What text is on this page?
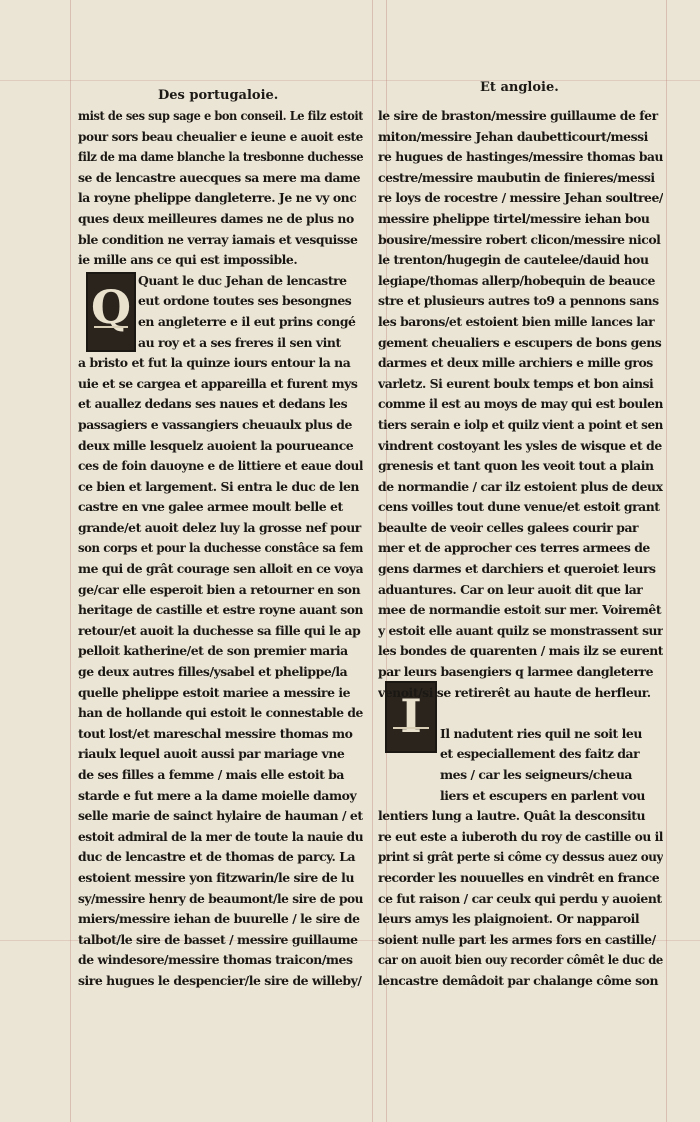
Des portugaloie.
Et angloie.
Q
I
mist de ses sup sage e bon conseil. Le filz estoit
pour sors beau cheualier e ieune e auoit este
filz de ma dame blanche la tresbonne duchesse
se de lencastre auecques sa mere ma dame
la royne phelippe dangleterre. Je ne vy onc
ques deux meilleures dames ne de plus no
ble condition ne verray iamais et vesquisse
ie mille ans ce qui est impossible.
Quant le duc Jehan de lencastre
eut ordone toutes ses besongnes
en angleterre e il eut prins congé
au roy et a ses freres il sen vint
a bristo et fut la quinze iours entour la na
uie et se cargea et appareilla et furent mys
et auallez dedans ses naues et dedans les
passagiers e vassangiers cheuaulx plus de
deux mille lesquelz auoient la pourueance
ces de foin dauoyne e de littiere et eaue doul
ce bien et largement. Si entra le duc de len
castre en vne galee armee moult belle et
grande/et auoit delez luy la grosse nef pour
son corps et pour la duchesse constâce sa fem
me qui de grât courage sen alloit en ce voya
ge/car elle esperoit bien a retourner en son
heritage de castille et estre royne auant son
retour/et auoit la duchesse sa fille qui le ap
pelloit katherine/et de son premier maria
ge deux autres filles/ysabel et phelippe/la
quelle phelippe estoit mariee a messire ie
han de hollande qui estoit le connestable de
tout lost/et mareschal messire thomas mo
riaulx lequel auoit aussi par mariage vne
de ses filles a femme / mais elle estoit ba
starde e fut mere a la dame moielle damoy
selle marie de sainct hylaire de hauman / et
estoit admiral de la mer de toute la nauie du
duc de lencastre et de thomas de parcy. La
estoient messire yon fitzwarin/le sire de lu
sy/messire henry de beaumont/le sire de pou
miers/messire iehan de buurelle / le sire de
talbot/le sire de basset / messire guillaume
de windesore/messire thomas traicon/mes
sire hugues le despencier/le sire de willeby/
le sire de braston/messire guillaume de fer
miton/messire Jehan daubetticourt/messi
re hugues de hastinges/messire thomas bau
cestre/messire maubutin de finieres/messi
re loys de rocestre / messire Jehan soultree/
messire phelippe tirtel/messire iehan bou
bousire/messire robert clicon/messire nicol
le trenton/hugegin de cautelee/dauid hou
legiape/thomas allerp/hobequin de beauce
stre et plusieurs autres to9 a pennons sans
les barons/et estoient bien mille lances lar
gement cheualiers e escupers de bons gens
darmes et deux mille archiers e mille gros
varletz. Si eurent boulx temps et bon ainsi
comme il est au moys de may qui est boulen
tiers serain e iolp et quilz vient a point et sen
vindrent costoyant les ysles de wisque et de
grenesis et tant quon les veoit tout a plain
de normandie / car ilz estoient plus de deux
cens voilles tout dune venue/et estoit grant
beaulte de veoir celles galees courir par
mer et de approcher ces terres armees de
gens darmes et darchiers et queroiet leurs
aduantures. Car on leur auoit dit que lar
mee de normandie estoit sur mer. Voiremêt
y estoit elle auant quilz se monstrassent sur
les bondes de quarenten / mais ilz se eurent
par leurs basengiers q larmee dangleterre
venoit/si se retirerêt au haute de herfleur.
Il nadutent ries quil ne soit leu
et especiallement des faitz dar
mes / car les seigneurs/cheua
liers et escupers en parlent vou
lentiers lung a lautre. Quât la desconsitu
re eut este a iuberoth du roy de castille ou il
print si grât perte si côme cy dessus auez ouy
recorder les nouuelles en vindrêt en france
ce fut raison / car ceulx qui perdu y auoient
leurs amys les plaignoient. Or napparoil
soient nulle part les armes fors en castille/
car on auoit bien ouy recorder cômêt le duc de
lencastre demâdoit par chalange côme son
